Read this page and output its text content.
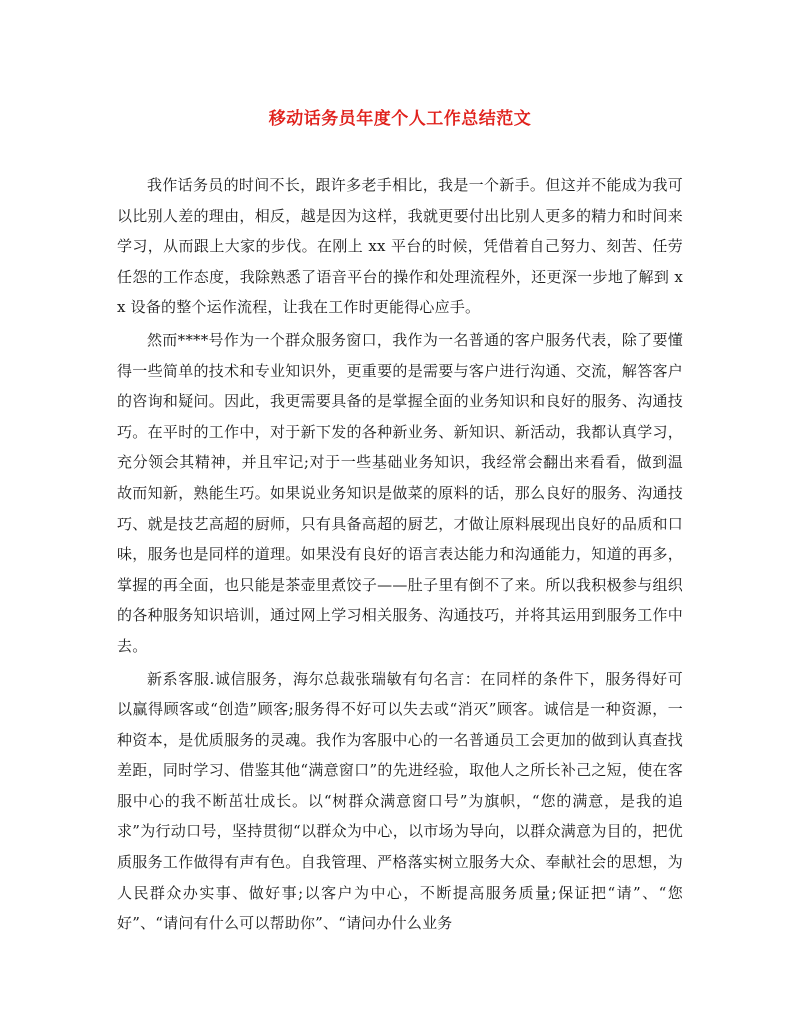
移动话务员年度个人工作总结范文

我作话务员的时间不长，跟许多老手相比，我是一个新手。但这并不能成为我可以比别人差的理由，相反，越是因为这样，我就更要付出比别人更多的精力和时间来学习，从而跟上大家的步伐。在刚上 xx 平台的时候，凭借着自己努力、刻苦、任劳任怨的工作态度，我除熟悉了语音平台的操作和处理流程外，还更深一步地了解到 xx 设备的整个运作流程，让我在工作时更能得心应手。

然而****号作为一个群众服务窗口，我作为一名普通的客户服务代表，除了要懂得一些简单的技术和专业知识外，更重要的是需要与客户进行沟通、交流，解答客户的咨询和疑问。因此，我更需要具备的是掌握全面的业务知识和良好的服务、沟通技巧。在平时的工作中，对于新下发的各种新业务、新知识、新活动，我都认真学习，充分领会其精神，并且牢记;对于一些基础业务知识，我经常会翻出来看看，做到温故而知新，熟能生巧。如果说业务知识是做菜的原料的话，那么良好的服务、沟通技巧、就是技艺高超的厨师，只有具备高超的厨艺，才做让原料展现出良好的品质和口味，服务也是同样的道理。如果没有良好的语言表达能力和沟通能力，知道的再多，掌握的再全面，也只能是茶壶里煮饺子——肚子里有倒不了来。所以我积极参与组织的各种服务知识培训，通过网上学习相关服务、沟通技巧，并将其运用到服务工作中去。

新系客服.诚信服务，海尔总裁张瑞敏有句名言：在同样的条件下，服务得好可以赢得顾客或“创造”顾客;服务得不好可以失去或“消灭”顾客。诚信是一种资源，一种资本，是优质服务的灵魂。我作为客服中心的一名普通员工会更加的做到认真查找差距，同时学习、借鉴其他“满意窗口”的先进经验，取他人之所长补己之短，使在客服中心的我不断茁壮成长。以“树群众满意窗口号”为旗帜，“您的满意，是我的追求”为行动口号，坚持贯彻“以群众为中心，以市场为导向，以群众满意为目的，把优质服务工作做得有声有色。自我管理、严格落实树立服务大众、奉献社会的思想，为人民群众办实事、做好事;以客户为中心，不断提高服务质量;保证把“请”、“您好”、“请问有什么可以帮助你”、“请问办什么业务
